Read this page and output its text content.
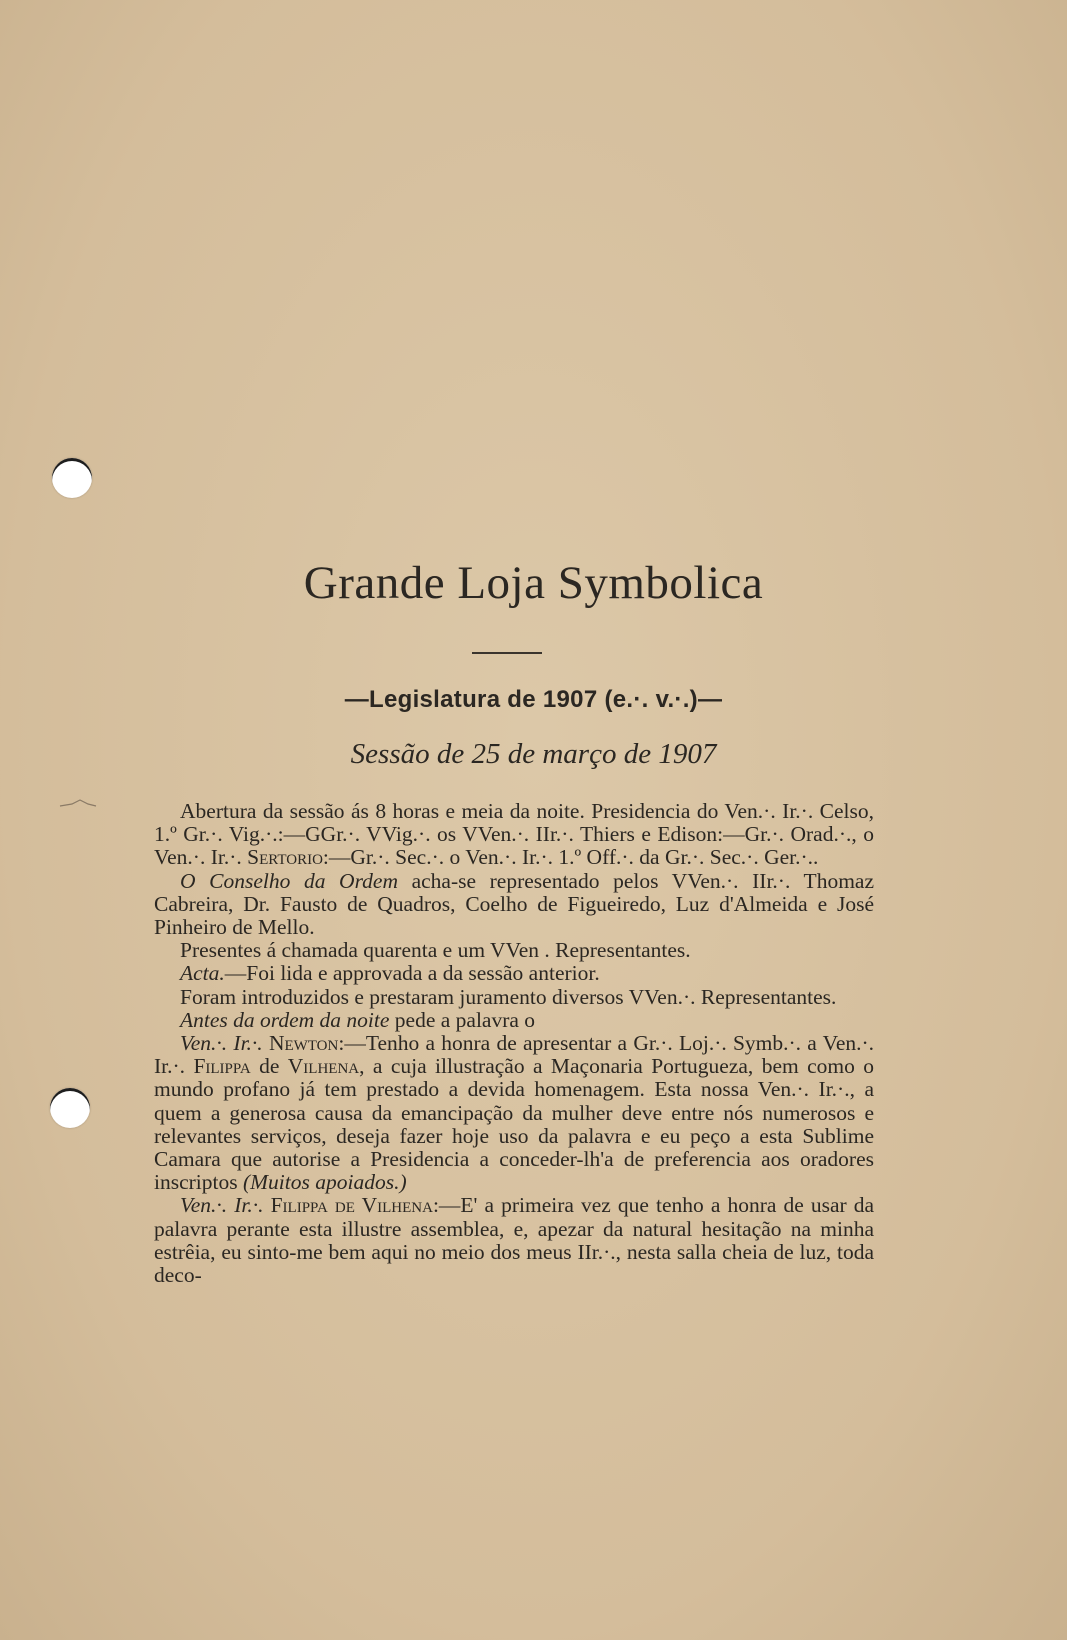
Grande Loja Symbolica
—Legislatura de 1907 (e.·. v.·.)—
Sessão de 25 de março de 1907

Abertura da sessão ás 8 horas e meia da noite. Presidencia do Ven.·. Ir.·. Celso, 1.º Gr.·. Vig.·.:—GGr.·. VVig.·. os VVen.·. IIr.·. Thiers e Edison:—Gr.·. Orad.·., o Ven.·. Ir.·. Sertorio:—Gr.·. Sec.·. o Ven.·. Ir.·. 1.º Off.·. da Gr.·. Sec.·. Ger.·..

O Conselho da Ordem acha-se representado pelos VVen.·. IIr.·. Thomaz Cabreira, Dr. Fausto de Quadros, Coelho de Figueiredo, Luz d'Almeida e José Pinheiro de Mello.

Presentes á chamada quarenta e um VVen . Representantes.

Acta.—Foi lida e approvada a da sessão anterior.

Foram introduzidos e prestaram juramento diversos VVen.·. Representantes.

Antes da ordem da noite pede a palavra o

Ven.·. Ir.·. Newton:—Tenho a honra de apresentar a Gr.·. Loj.·. Symb.·. a Ven.·. Ir.·. Filippa de Vilhena, a cuja illustração a Maçonaria Portugueza, bem como o mundo profano já tem prestado a devida homenagem. Esta nossa Ven.·. Ir.·., a quem a generosa causa da emancipação da mulher deve entre nós numerosos e relevantes serviços, deseja fazer hoje uso da palavra e eu peço a esta Sublime Camara que autorise a Presidencia a conceder-lh'a de preferencia aos oradores inscriptos (Muitos apoiados.)

Ven.·. Ir.·. Filippa de Vilhena:—E' a primeira vez que tenho a honra de usar da palavra perante esta illustre assemblea, e, apezar da natural hesitação na minha estrêia, eu sinto-me bem aqui no meio dos meus IIr.·., nesta salla cheia de luz, toda deco-
